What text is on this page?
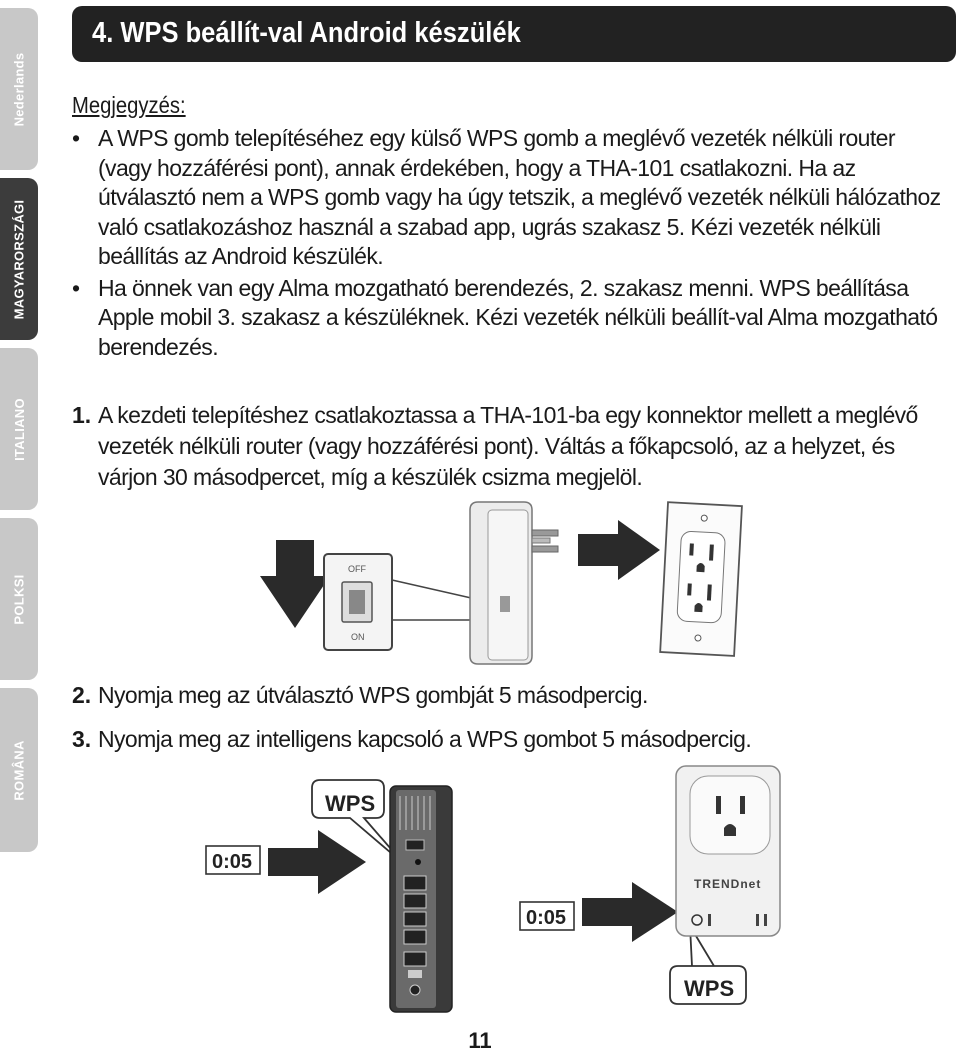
Nederlands
MAGYARORSZÁGI
ITALIANO
POLKSI
ROMÂNA
4. WPS beállít-val Android készülék
Megjegyzés:
• A WPS gomb telepítéséhez egy külső WPS gomb a meglévő vezeték nélküli router (vagy hozzáférési pont), annak érdekében, hogy a THA-101 csatlakozni. Ha az útválasztó nem a WPS gomb vagy ha úgy tetszik, a meglévő vezeték nélküli hálózathoz való csatlakozáshoz használ a szabad app, ugrás szakasz 5. Kézi vezeték nélküli beállítás az Android készülék.
• Ha önnek van egy Alma mozgatható berendezés, 2. szakasz menni. WPS beállítása Apple mobil 3. szakasz a készüléknek. Kézi vezeték nélküli beállít-val Alma mozgatható berendezés.
1. A kezdeti telepítéshez csatlakoztassa a THA-101-ba egy konnektor mellett a meglévő vezeték nélküli router (vagy hozzáférési pont). Váltás a főkapcsoló, az a helyzet, és várjon 30 másodpercet, míg a készülék csizma megjelöl.
2. Nyomja meg az útválasztó WPS gombját 5 másodpercig.
3. Nyomja meg az intelligens kapcsoló a WPS gombot 5 másodpercig.
OFF
ON
WPS
0:05
0:05
WPS
TRENDnet
11
